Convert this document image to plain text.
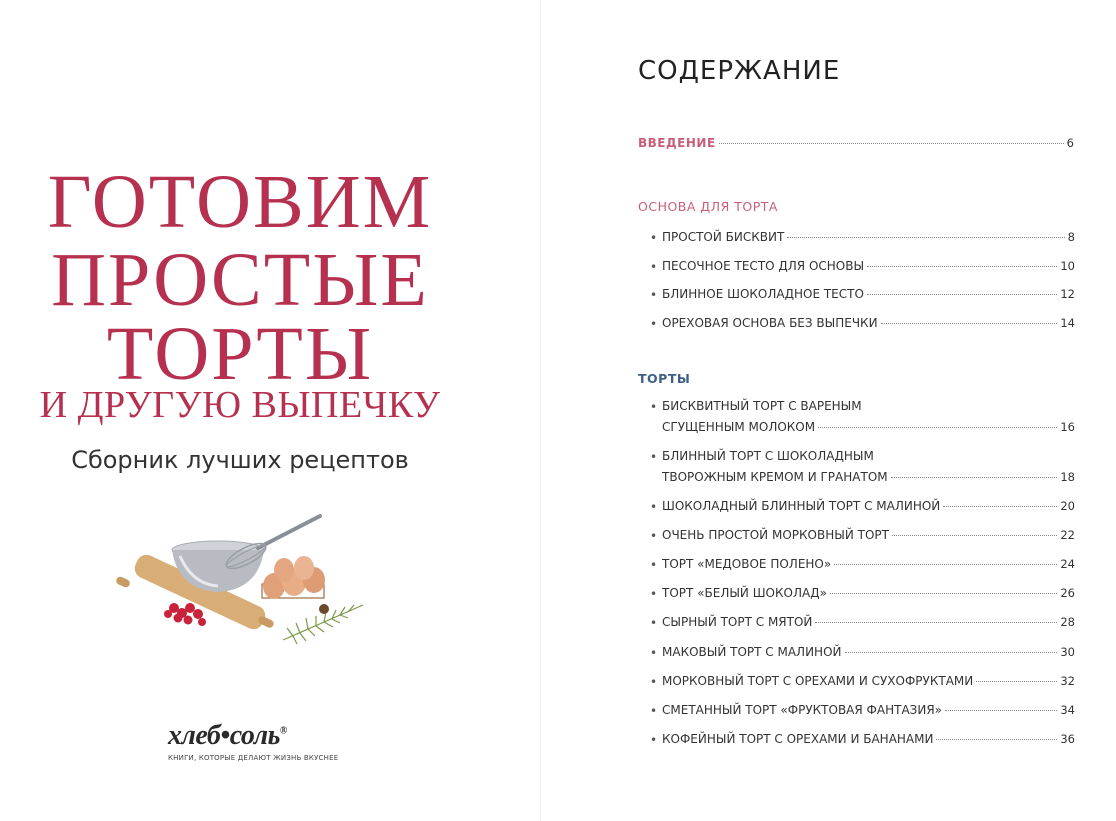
ГОТОВИМ
ПРОСТЫЕ
ТОРТЫ
И ДРУГУЮ ВЫПЕЧКУ

Сборник лучших рецептов

хлеб•соль®
КНИГИ, КОТОРЫЕ ДЕЛАЮТ ЖИЗНЬ ВКУСНЕЕ
СОДЕРЖАНИЕ
ВВЕДЕНИЕ	6
ОСНОВА ДЛЯ ТОРТА
• ПРОСТОЙ БИСКВИТ	8
• ПЕСОЧНОЕ ТЕСТО ДЛЯ ОСНОВЫ	10
• БЛИННОЕ ШОКОЛАДНОЕ ТЕСТО	12
• ОРЕХОВАЯ ОСНОВА БЕЗ ВЫПЕЧКИ	14
ТОРТЫ
• БИСКВИТНЫЙ ТОРТ С ВАРЕНЫМ
СГУЩЕННЫМ МОЛОКОМ	16
• БЛИННЫЙ ТОРТ С ШОКОЛАДНЫМ
ТВОРОЖНЫМ КРЕМОМ И ГРАНАТОМ	18
• ШОКОЛАДНЫЙ БЛИННЫЙ ТОРТ С МАЛИНОЙ	20
• ОЧЕНЬ ПРОСТОЙ МОРКОВНЫЙ ТОРТ	22
• ТОРТ «МЕДОВОЕ ПОЛЕНО»	24
• ТОРТ «БЕЛЫЙ ШОКОЛАД»	26
• СЫРНЫЙ ТОРТ С МЯТОЙ	28
• МАКОВЫЙ ТОРТ С МАЛИНОЙ	30
• МОРКОВНЫЙ ТОРТ С ОРЕХАМИ И СУХОФРУКТАМИ	32
• СМЕТАННЫЙ ТОРТ «ФРУКТОВАЯ ФАНТАЗИЯ»	34
• КОФЕЙНЫЙ ТОРТ С ОРЕХАМИ И БАНАНАМИ	36
